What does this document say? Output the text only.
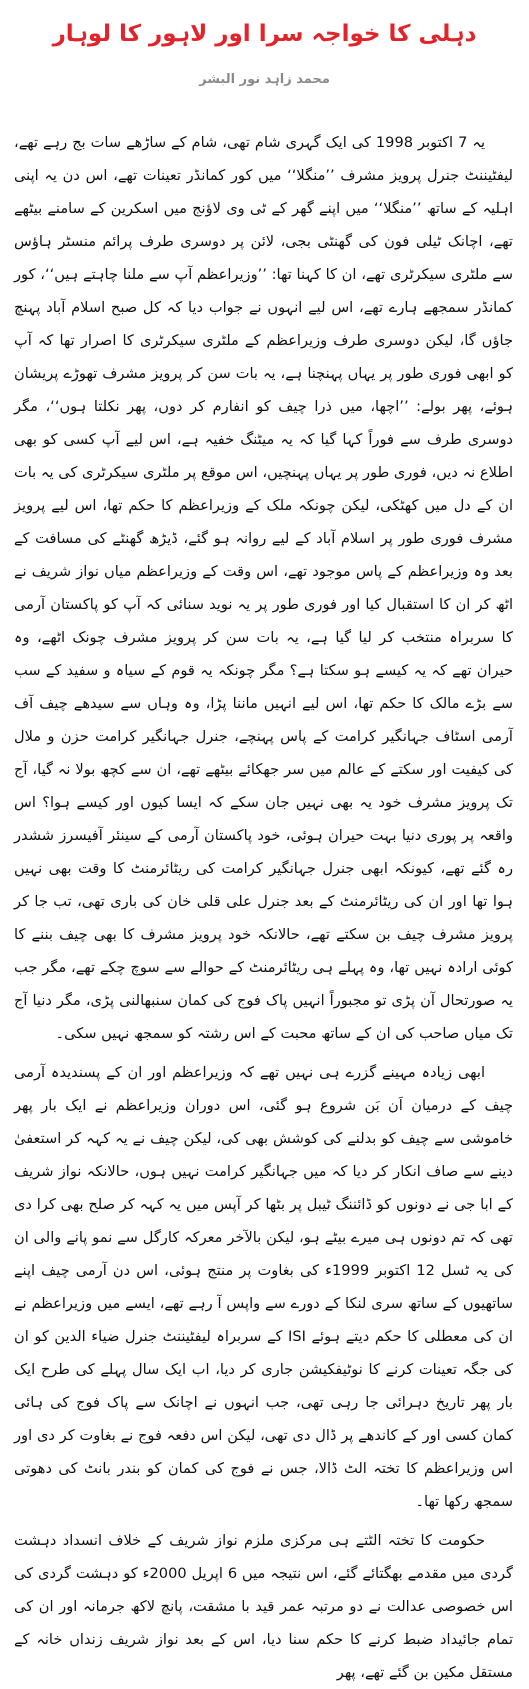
دہلی کا خواجہ سرا اور لاہور کا لوہار
محمد زاہد نور البشر

یہ 7 اکتوبر 1998 کی ایک گہری شام تھی، شام کے ساڑھے سات بج رہے تھے، لیفٹیننٹ جنرل پرویز مشرف ’’منگلا‘‘ میں کور کمانڈر تعینات تھے، اس دن یہ اپنی اہلیہ کے ساتھ ’’منگلا‘‘ میں اپنے گھر کے ٹی وی لاؤنج میں اسکرین کے سامنے بیٹھے تھے، اچانک ٹیلی فون کی گھنٹی بجی، لائن پر دوسری طرف پرائم منسٹر ہاؤس سے ملٹری سیکرٹری تھے، ان کا کہنا تھا: ’’وزیراعظم آپ سے ملنا چاہتے ہیں‘‘، کور کمانڈر سمجھے ہارے تھے، اس لیے انہوں نے جواب دیا کہ کل صبح اسلام آباد پہنچ جاؤں گا، لیکن دوسری طرف وزیراعظم کے ملٹری سیکرٹری کا اصرار تھا کہ آپ کو ابھی فوری طور پر یہاں پہنچنا ہے، یہ بات سن کر پرویز مشرف تھوڑے پریشان ہوئے، پھر بولے: ’’اچھا، میں ذرا چیف کو انفارم کر دوں، پھر نکلتا ہوں‘‘، مگر دوسری طرف سے فوراً کہا گیا کہ یہ میٹنگ خفیہ ہے، اس لیے آپ کسی کو بھی اطلاع نہ دیں، فوری طور پر یہاں پہنچیں، اس موقع پر ملٹری سیکرٹری کی یہ بات ان کے دل میں کھٹکی، لیکن چونکہ ملک کے وزیراعظم کا حکم تھا، اس لیے پرویز مشرف فوری طور پر اسلام آباد کے لیے روانہ ہو گئے، ڈیڑھ گھنٹے کی مسافت کے بعد وہ وزیراعظم کے پاس موجود تھے، اس وقت کے وزیراعظم میاں نواز شریف نے اٹھ کر ان کا استقبال کیا اور فوری طور پر یہ نوید سنائی کہ آپ کو پاکستان آرمی کا سربراہ منتخب کر لیا گیا ہے، یہ بات سن کر پرویز مشرف چونک اٹھے، وہ حیران تھے کہ یہ کیسے ہو سکتا ہے؟ مگر چونکہ یہ قوم کے سیاہ و سفید کے سب سے بڑے مالک کا حکم تھا، اس لیے انہیں ماننا پڑا، وہ وہاں سے سیدھے چیف آف آرمی اسٹاف جہانگیر کرامت کے پاس پہنچے، جنرل جہانگیر کرامت حزن و ملال کی کیفیت اور سکتے کے عالم میں سر جھکائے بیٹھے تھے، ان سے کچھ بولا نہ گیا، آج تک پرویز مشرف خود یہ بھی نہیں جان سکے کہ ایسا کیوں اور کیسے ہوا؟ اس واقعہ پر پوری دنیا بہت حیران ہوئی، خود پاکستان آرمی کے سینئر آفیسرز ششدر رہ گئے تھے، کیونکہ ابھی جنرل جہانگیر کرامت کی ریٹائرمنٹ کا وقت بھی نہیں ہوا تھا اور ان کی ریٹائرمنٹ کے بعد جنرل علی قلی خان کی باری تھی، تب جا کر پرویز مشرف چیف بن سکتے تھے، حالانکہ خود پرویز مشرف کا بھی چیف بننے کا کوئی ارادہ نہیں تھا، وہ پہلے ہی ریٹائرمنٹ کے حوالے سے سوچ چکے تھے، مگر جب یہ صورتحال آن پڑی تو مجبوراً انہیں پاک فوج کی کمان سنبھالنی پڑی، مگر دنیا آج تک میاں صاحب کی ان کے ساتھ محبت کے اس رشتہ کو سمجھ نہیں سکی۔

ابھی زیادہ مہینے گزرے ہی نہیں تھے کہ وزیراعظم اور ان کے پسندیدہ آرمی چیف کے درمیان اَن بَن شروع ہو گئی، اس دوران وزیراعظم نے ایک بار پھر خاموشی سے چیف کو بدلنے کی کوشش بھی کی، لیکن چیف نے یہ کہہ کر استعفیٰ دینے سے صاف انکار کر دیا کہ میں جہانگیر کرامت نہیں ہوں، حالانکہ نواز شریف کے ابا جی نے دونوں کو ڈائننگ ٹیبل پر بٹھا کر آپس میں یہ کہہ کر صلح بھی کرا دی تھی کہ تم دونوں ہی میرے بیٹے ہو، لیکن بالآخر معرکہ کارگل سے نمو پانے والی ان کی یہ ٹسل 12 اکتوبر 1999ء کی بغاوت پر منتج ہوئی، اس دن آرمی چیف اپنے ساتھیوں کے ساتھ سری لنکا کے دورے سے واپس آ رہے تھے، ایسے میں وزیراعظم نے ان کی معطلی کا حکم دیتے ہوئے ISI کے سربراہ لیفٹیننٹ جنرل ضیاء الدین کو ان کی جگہ تعینات کرنے کا نوٹیفکیشن جاری کر دیا، اب ایک سال پہلے کی طرح ایک بار پھر تاریخ دہرائی جا رہی تھی، جب انہوں نے اچانک سے پاک فوج کی ہائی کمان کسی اور کے کاندھے پر ڈال دی تھی، لیکن اس دفعہ فوج نے بغاوت کر دی اور اس وزیراعظم کا تختہ الٹ ڈالا، جس نے فوج کی کمان کو بندر بانٹ کی دھوتی سمجھ رکھا تھا۔

حکومت کا تختہ الٹتے ہی مرکزی ملزم نواز شریف کے خلاف انسداد دہشت گردی میں مقدمے بھگتائے گئے، اس نتیجہ میں 6 اپریل 2000ء کو دہشت گردی کی اس خصوصی عدالت نے دو مرتبہ عمر قید با مشقت، پانچ لاکھ جرمانہ اور ان کی تمام جائیداد ضبط کرنے کا حکم سنا دیا، اس کے بعد نواز شریف زنداں خانہ کے مستقل مکین بن گئے تھے، پھر
